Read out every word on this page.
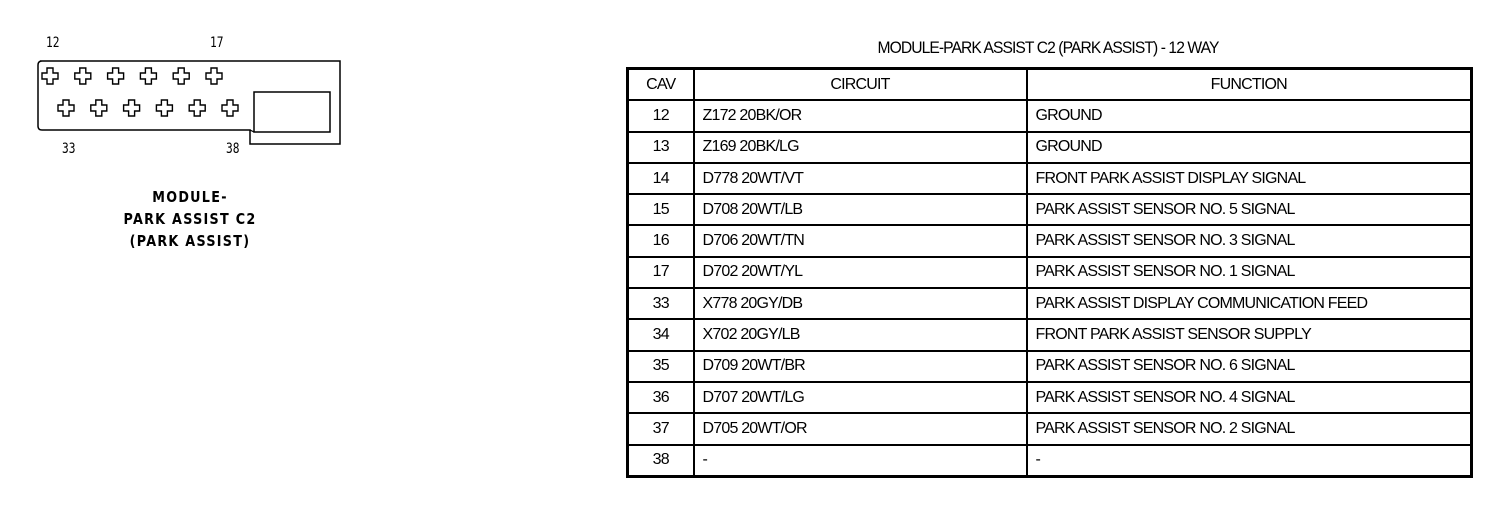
12	17
33	38
MODULE-
PARK ASSIST C2
(PARK ASSIST)
MODULE-PARK ASSIST C2 (PARK ASSIST) - 12 WAY
CAV	CIRCUIT	FUNCTION
12	Z172 20BK/OR	GROUND
13	Z169 20BK/LG	GROUND
14	D778 20WT/VT	FRONT PARK ASSIST DISPLAY SIGNAL
15	D708 20WT/LB	PARK ASSIST SENSOR NO. 5 SIGNAL
16	D706 20WT/TN	PARK ASSIST SENSOR NO. 3 SIGNAL
17	D702 20WT/YL	PARK ASSIST SENSOR NO. 1 SIGNAL
33	X778 20GY/DB	PARK ASSIST DISPLAY COMMUNICATION FEED
34	X702 20GY/LB	FRONT PARK ASSIST SENSOR SUPPLY
35	D709 20WT/BR	PARK ASSIST SENSOR NO. 6 SIGNAL
36	D707 20WT/LG	PARK ASSIST SENSOR NO. 4 SIGNAL
37	D705 20WT/OR	PARK ASSIST SENSOR NO. 2 SIGNAL
38	-	-
